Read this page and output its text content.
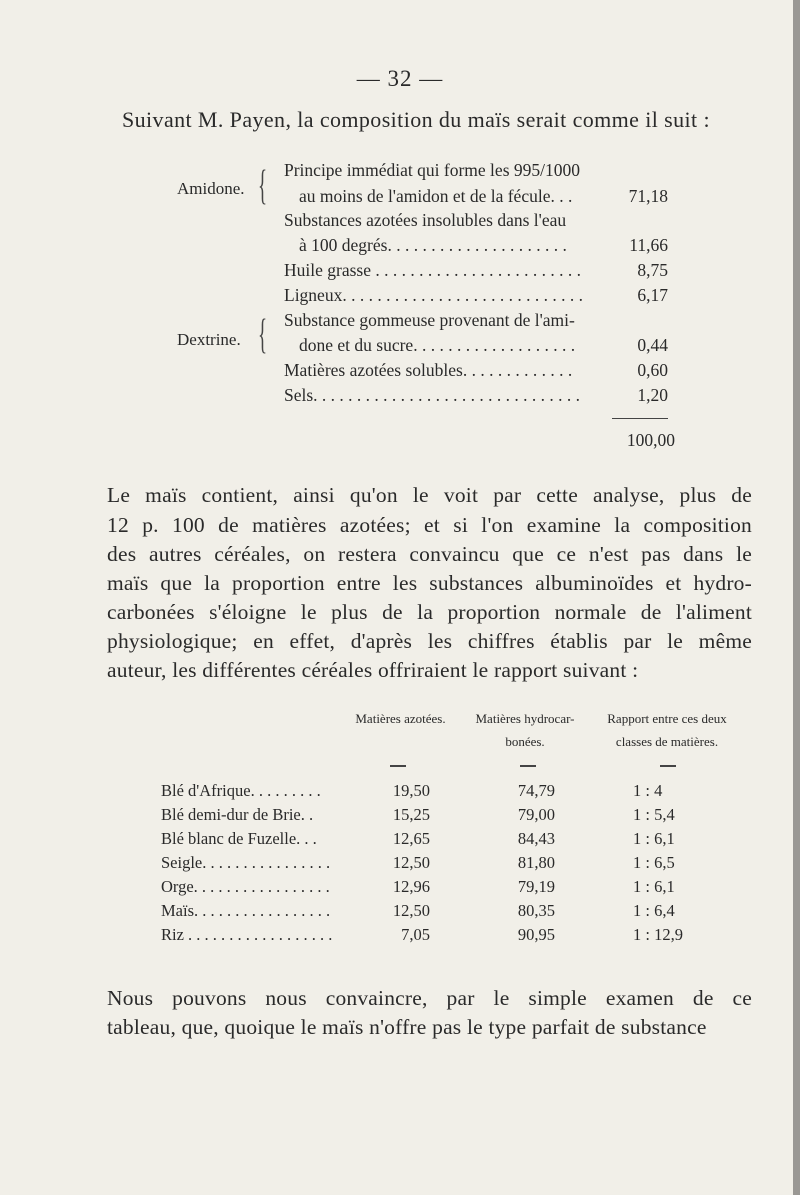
— 32 —
Suivant M. Payen, la composition du maïs serait comme il suit :
Amidone. {
Dextrine. {
Principe immédiat qui forme les 995/1000
au moins de l'amidon et de la fécule. . .	71,18
Substances azotées insolubles dans l'eau
à 100 degrés. . . . . . . . . . . . . . . . . . . . .	11,66
Huile grasse . . . . . . . . . . . . . . . . . . . . . . . .	8,75
Ligneux. . . . . . . . . . . . . . . . . . . . . . . . . . . .	6,17
Substance gommeuse provenant de l'ami-
done et du sucre. . . . . . . . . . . . . . . . . . .	0,44
Matières azotées solubles. . . . . . . . . . . . .	0,60
Sels. . . . . . . . . . . . . . . . . . . . . . . . . . . . . . .	1,20
100,00
Le maïs contient, ainsi qu'on le voit par cette analyse, plus de
12 p. 100 de matières azotées; et si l'on examine la composition
des autres céréales, on restera convaincu que ce n'est pas dans le
maïs que la proportion entre les substances albuminoïdes et hydro-
carbonées s'éloigne le plus de la proportion normale de l'aliment
physiologique; en effet, d'après les chiffres établis par le même
auteur, les différentes céréales offriraient le rapport suivant :
Matières azotées.	Matières hydrocar-
bonées.
Rapport entre ces deux
classes de matières.
Blé d'Afrique. . . . . . . . .	19,50	74,79	1 : 4
Blé demi-dur de Brie. .	15,25	79,00	1 : 5,4
Blé blanc de Fuzelle. . .	12,65	84,43	1 : 6,1
Seigle. . . . . . . . . . . . . . . .	12,50	81,80	1 : 6,5
Orge. . . . . . . . . . . . . . . . .	12,96	79,19	1 : 6,1
Maïs. . . . . . . . . . . . . . . . .	12,50	80,35	1 : 6,4
Riz . . . . . . . . . . . . . . . . . .	7,05	90,95	1 : 12,9
Nous pouvons nous convaincre, par le simple examen de ce
tableau, que, quoique le maïs n'offre pas le type parfait de substance
